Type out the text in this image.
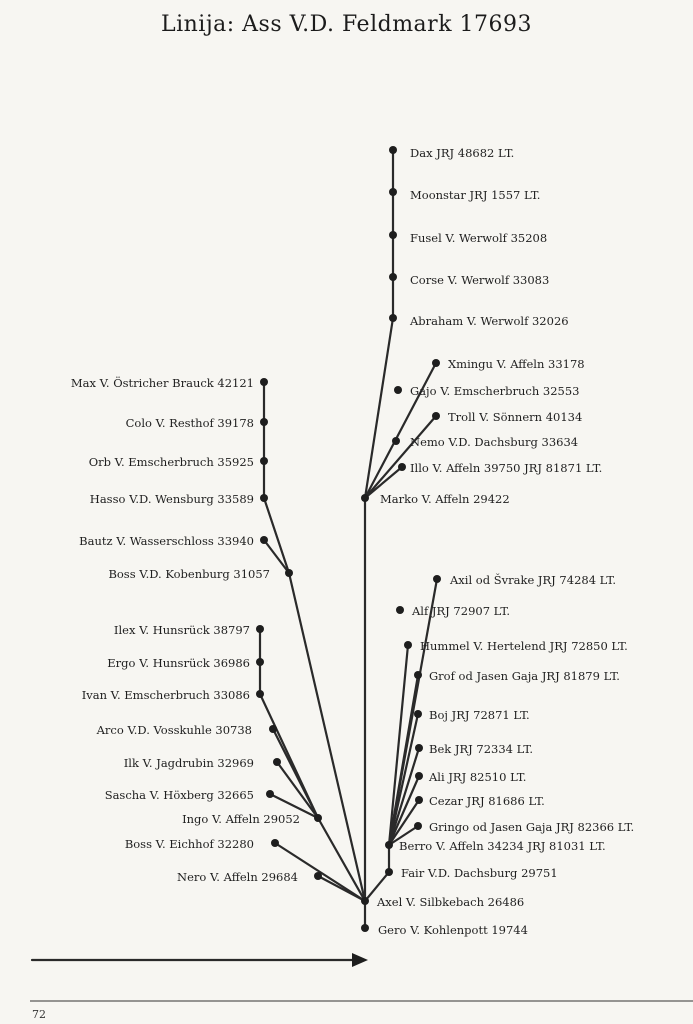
Linija: Ass V.D. Feldmark 17693
Dax JRJ 48682 LT.
Moonstar JRJ 1557 LT.
Fusel V. Werwolf 35208
Corse V. Werwolf 33083
Abraham V. Werwolf 32026
Xmingu V. Affeln 33178
Gajo V. Emscherbruch 32553
Troll V. Sönnern 40134
Nemo V.D. Dachsburg 33634
Illo V. Affeln 39750 JRJ 81871 LT.
Marko V. Affeln 29422
Max V. Östricher Brauck 42121
Colo V. Resthof 39178
Orb V. Emscherbruch 35925
Hasso V.D. Wensburg 33589
Bautz V. Wasserschloss 33940
Boss V.D. Kobenburg 31057
Ilex V. Hunsrück 38797
Ergo V. Hunsrück 36986
Ivan V. Emscherbruch 33086
Arco V.D. Vosskuhle 30738
Ilk V. Jagdrubin 32969
Sascha V. Höxberg 32665
Ingo V. Affeln 29052
Boss V. Eichhof 32280
Nero V. Affeln 29684
Axil od Švrake JRJ 74284 LT.
Alf JRJ 72907 LT.
Hummel V. Hertelend JRJ 72850 LT.
Grof od Jasen Gaja JRJ 81879 LT.
Boj JRJ 72871 LT.
Bek JRJ 72334 LT.
Ali JRJ 82510 LT.
Cezar JRJ 81686 LT.
Gringo od Jasen Gaja JRJ 82366 LT.
Berro V. Affeln 34234 JRJ 81031 LT.
Fair V.D. Dachsburg 29751
Axel V. Silbkebach 26486
Gero V. Kohlenpott 19744
72
